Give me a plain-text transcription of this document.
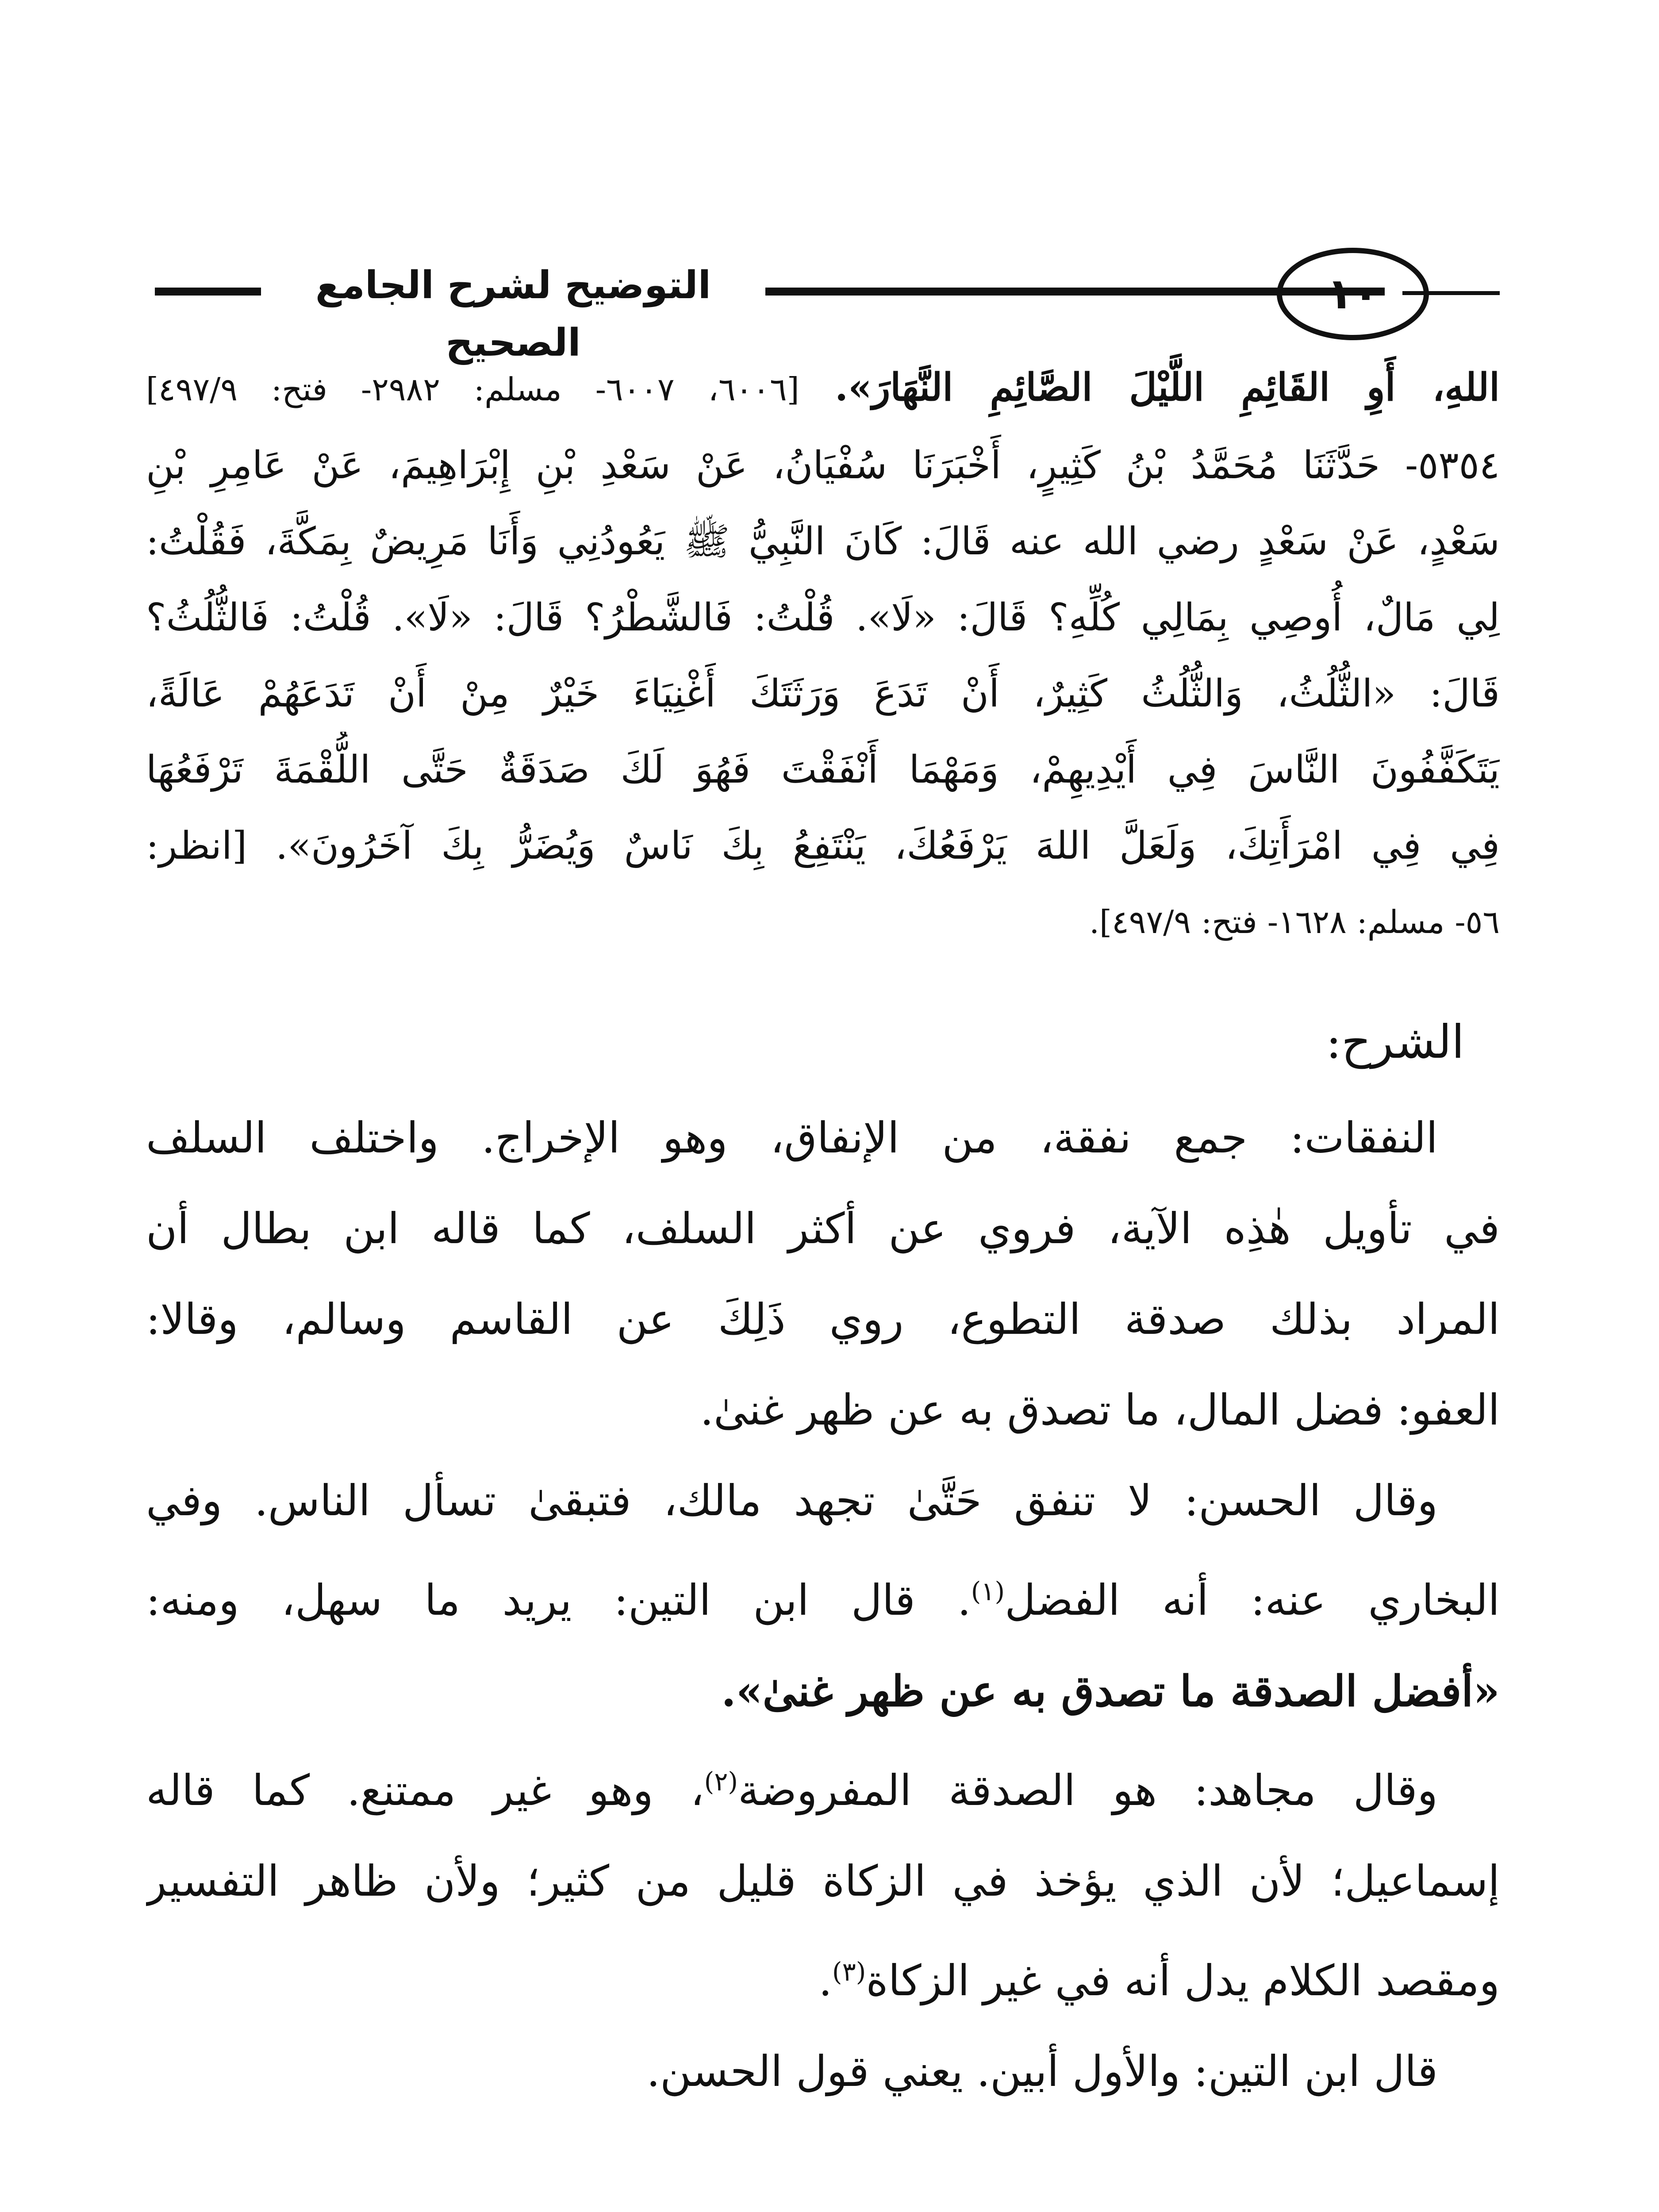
التوضيح لشرح الجامع الصحيح
١٠
اللهِ، أَوِ القَائِمِ اللَّيْلَ الصَّائِمِ النَّهَارَ». [٦٠٠٦، ٦٠٠٧- مسلم: ٢٩٨٢- فتح: ٤٩٧/٩]
٥٣٥٤- حَدَّثَنَا مُحَمَّدُ بْنُ كَثِيرٍ، أَخْبَرَنَا سُفْيَانُ، عَنْ سَعْدِ بْنِ إِبْرَاهِيمَ، عَنْ عَامِرِ بْنِ
سَعْدٍ، عَنْ سَعْدٍ رضي الله عنه قَالَ: كَانَ النَّبِيُّ ﷺ يَعُودُنِي وَأَنَا مَرِيضٌ بِمَكَّةَ، فَقُلْتُ:
لِي مَالٌ، أُوصِي بِمَالِي كُلِّهِ؟ قَالَ: «لَا». قُلْتُ: فَالشَّطْرُ؟ قَالَ: «لَا». قُلْتُ: فَالثُّلُثُ؟
قَالَ: «الثُّلُثُ، وَالثُّلُثُ كَثِيرٌ، أَنْ تَدَعَ وَرَثَتَكَ أَغْنِيَاءَ خَيْرٌ مِنْ أَنْ تَدَعَهُمْ عَالَةً،
يَتَكَفَّفُونَ النَّاسَ فِي أَيْدِيهِمْ، وَمَهْمَا أَنْفَقْتَ فَهُوَ لَكَ صَدَقَةٌ حَتَّى اللُّقْمَةَ تَرْفَعُهَا
فِي فِي امْرَأَتِكَ، وَلَعَلَّ اللهَ يَرْفَعُكَ، يَنْتَفِعُ بِكَ نَاسٌ وَيُضَرُّ بِكَ آخَرُونَ». [انظر:
٥٦- مسلم: ١٦٢٨- فتح: ٤٩٧/٩].
الشرح:
النفقات: جمع نفقة، من الإنفاق، وهو الإخراج. واختلف السلف
في تأويل هٰذِه الآية، فروي عن أكثر السلف، كما قاله ابن بطال أن
المراد بذلك صدقة التطوع، روي ذَلِكَ عن القاسم وسالم، وقالا:
العفو: فضل المال، ما تصدق به عن ظهر غنىٰ.
وقال الحسن: لا تنفق حَتَّىٰ تجهد مالك، فتبقىٰ تسأل الناس. وفي
البخاري عنه: أنه الفضل$^{(١)}$. قال ابن التين: يريد ما سهل، ومنه:
«أفضل الصدقة ما تصدق به عن ظهر غنىٰ».
وقال مجاهد: هو الصدقة المفروضة$^{(٢)}$، وهو غير ممتنع. كما قاله
إسماعيل؛ لأن الذي يؤخذ في الزكاة قليل من كثير؛ ولأن ظاهر التفسير
ومقصد الكلام يدل أنه في غير الزكاة$^{(٣)}$.
قال ابن التين: والأول أبين. يعني قول الحسن.
